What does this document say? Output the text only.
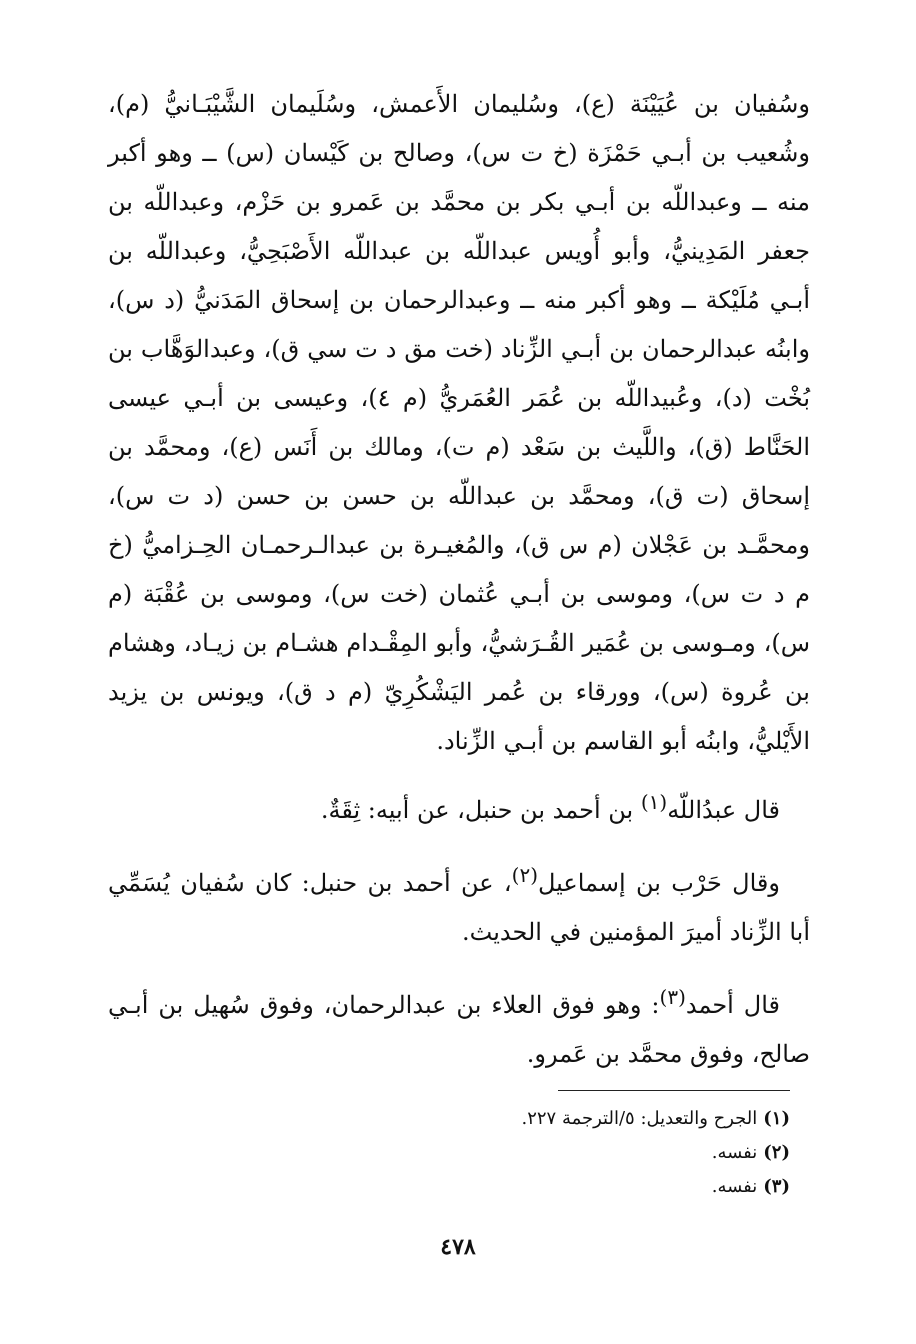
وسُفيان بن عُيَيْنَة (ع)، وسُليمان الأَعمش، وسُلَيمان الشَّيْبَـانيُّ (م)، وشُعيب بن أبـي حَمْزَة (خ ت س)، وصالح بن كَيْسان (س) ــ وهو أكبر منه ــ وعبداللّه بن أبـي بكر بن محمَّد بن عَمرو بن حَزْم، وعبداللّه بن جعفر المَدِينيُّ، وأبو أُويس عبداللّه بن عبداللّه الأَصْبَحِيُّ، وعبداللّه بن أبـي مُلَيْكة ــ وهو أكبر منه ــ وعبدالرحمان بن إسحاق المَدَنيُّ (د س)، وابنُه عبدالرحمان بن أبـي الزِّناد (خت مق د ت سي ق)، وعبدالوَهَّاب بن بُخْت (د)، وعُبيداللّه بن عُمَر العُمَريُّ (م ٤)، وعيسى بن أبـي عيسى الحَنَّاط (ق)، واللَّيث بن سَعْد (م ت)، ومالك بن أَنَس (ع)، ومحمَّد بن إسحاق (ت ق)، ومحمَّد بن عبداللّه بن حسن بن حسن (د ت س)، ومحمَّـد بن عَجْلان (م س ق)، والمُغيـرة بن عبدالـرحمـان الحِـزاميُّ (خ م د ت س)، وموسى بن أبـي عُثمان (خت س)، وموسى بن عُقْبَة (م س)، ومـوسى بن عُمَير القُـرَشيُّ، وأبو المِقْـدام هشـام بن زيـاد، وهشام بن عُروة (س)، وورقاء بن عُمر اليَشْكُرِيّ (م د ق)، ويونس بن يزيد الأَيْليُّ، وابنُه أبو القاسم بن أبـي الزِّناد.

قال عبدُاللّه$^{(١)}$ بن أحمد بن حنبل، عن أبيه: ثِقَةٌ.

وقال حَرْب بن إسماعيل$^{(٢)}$، عن أحمد بن حنبل: كان سُفيان يُسَمِّي أبا الزِّناد أميرَ المؤمنين في الحديث.

قال أحمد$^{(٣)}$: وهو فوق العلاء بن عبدالرحمان، وفوق سُهيل بن أبـي صالح، وفوق محمَّد بن عَمرو.

(١)الجرح والتعديل: ٥/الترجمة ٢٢٧.

(٢)نفسه.

(٣)نفسه.

٤٧٨
